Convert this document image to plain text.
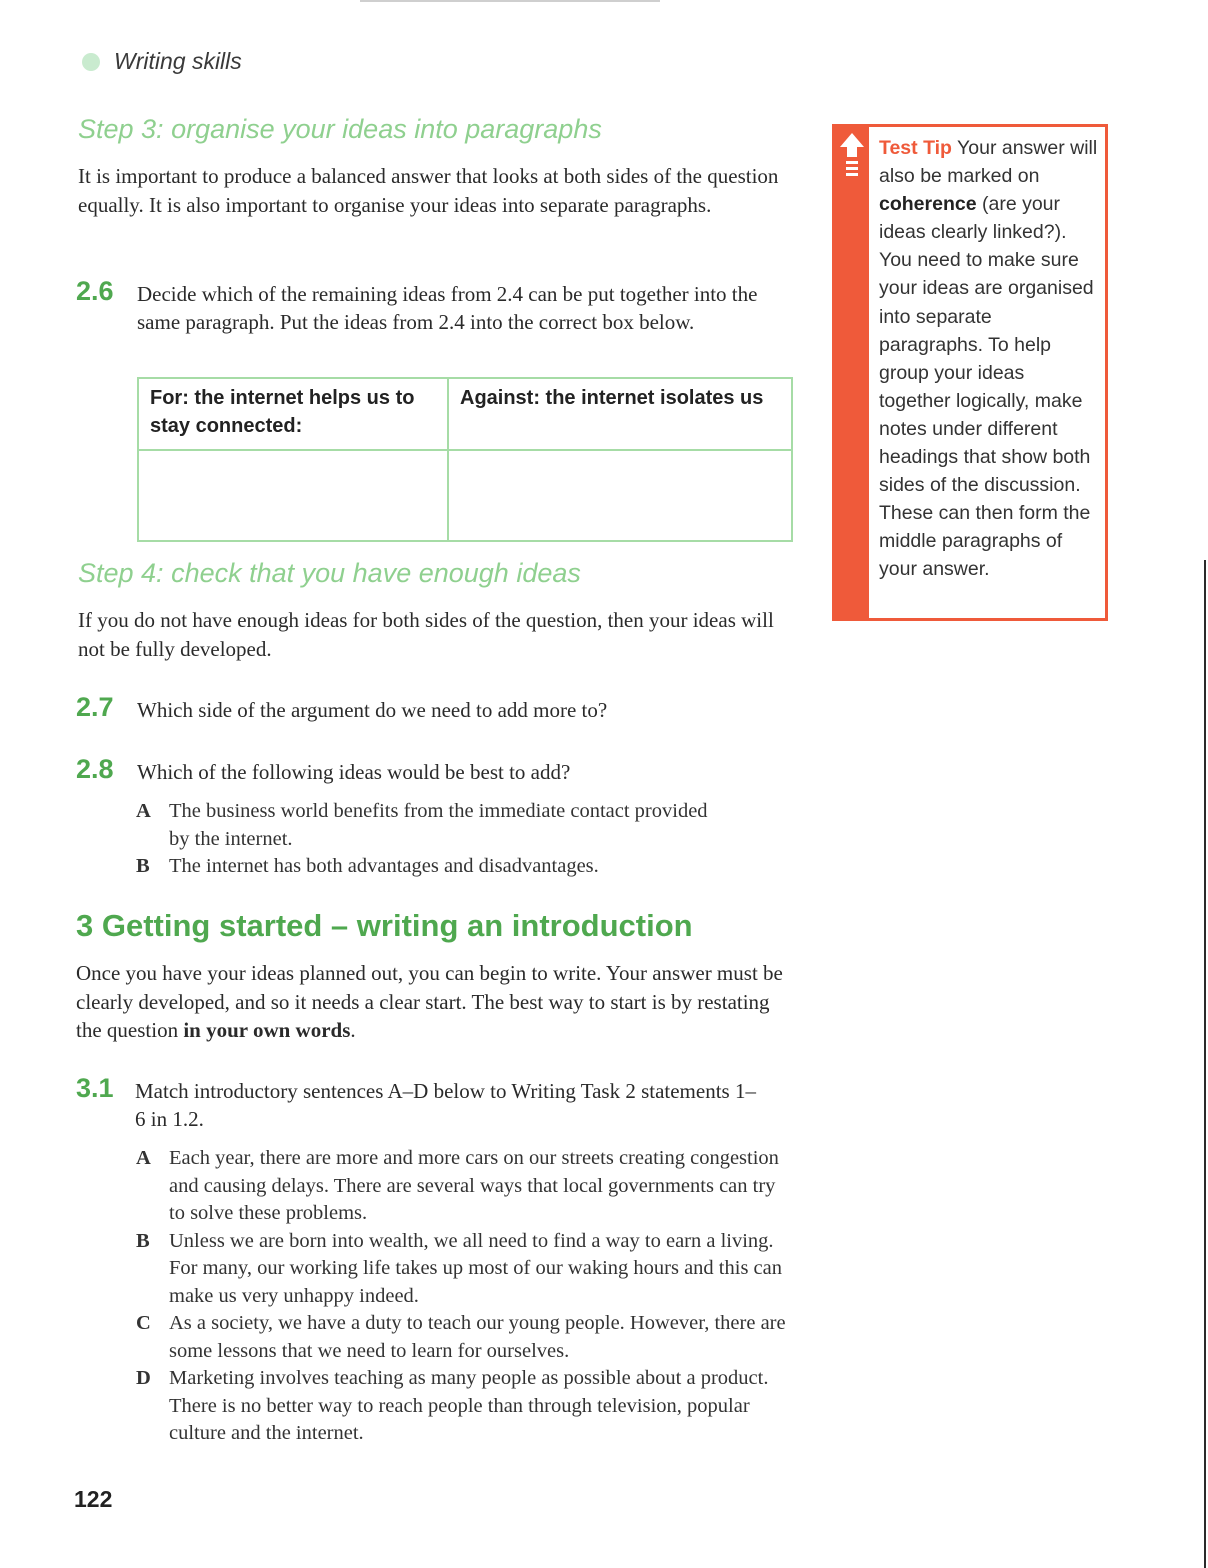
Writing skills
Step 3: organise your ideas into paragraphs

It is important to produce a balanced answer that looks at both sides of the question equally. It is also important to organise your ideas into separate paragraphs.

2.6 Decide which of the remaining ideas from 2.4 can be put together into the same paragraph. Put the ideas from 2.4 into the correct box below.
For: the internet helps us to stay connected:	Against: the internet isolates us

Step 4: check that you have enough ideas

If you do not have enough ideas for both sides of the question, then your ideas will not be fully developed.

2.7 Which side of the argument do we need to add more to?
2.8 Which of the following ideas would be best to add?
A The business world benefits from the immediate contact provided by the internet.
B The internet has both advantages and disadvantages.
3 Getting started – writing an introduction

Once you have your ideas planned out, you can begin to write. Your answer must be clearly developed, and so it needs a clear start. The best way to start is by restating the question in your own words.

3.1 Match introductory sentences A–D below to Writing Task 2 statements 1–6 in 1.2.
A Each year, there are more and more cars on our streets creating congestion and causing delays. There are several ways that local governments can try to solve these problems.
B Unless we are born into wealth, we all need to find a way to earn a living. For many, our working life takes up most of our waking hours and this can make us very unhappy indeed.
C As a society, we have a duty to teach our young people. However, there are some lessons that we need to learn for ourselves.
D Marketing involves teaching as many people as possible about a product. There is no better way to reach people than through television, popular culture and the internet.
Test Tip Your answer will also be marked on coherence (are your ideas clearly linked?). You need to make sure your ideas are organised into separate paragraphs. To help group your ideas together logically, make notes under different headings that show both sides of the discussion. These can then form the middle paragraphs of your answer.
122
